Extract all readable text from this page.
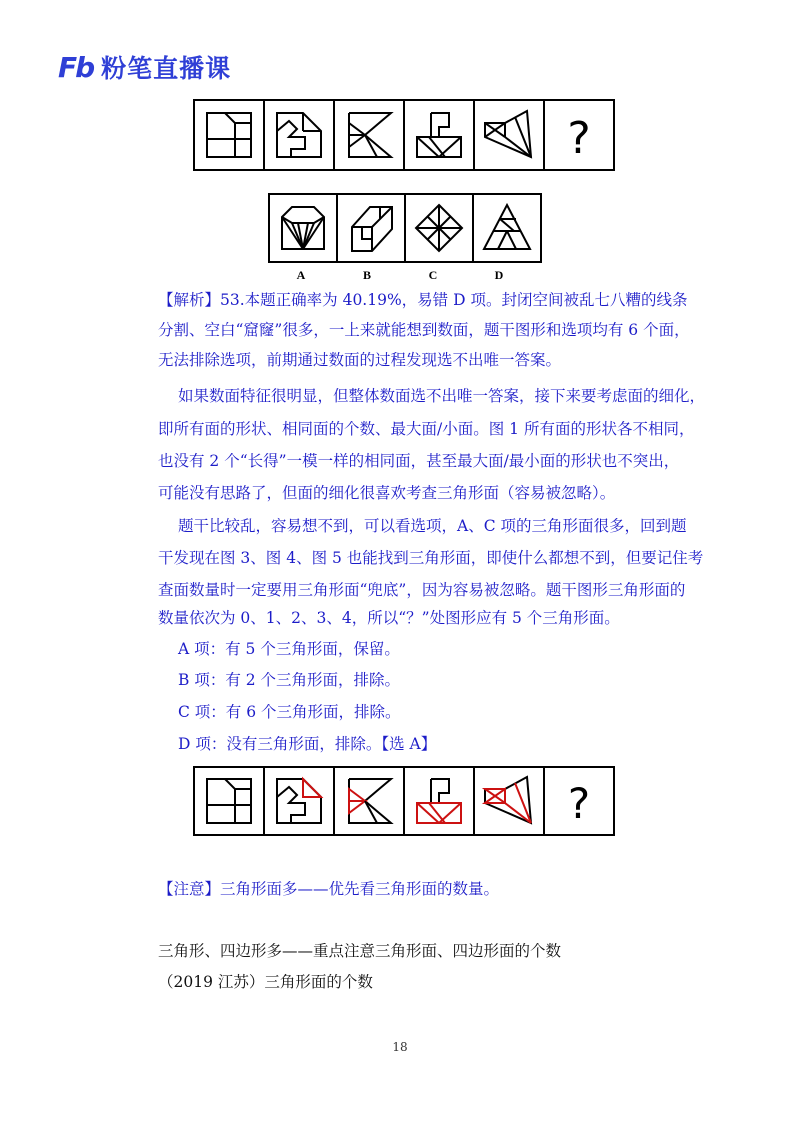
Fb 粉笔直播课
?
A	B	C	D

【解析】53.本题正确率为 40.19%，易错 D 项。封闭空间被乱七八糟的线条

分割、空白“窟窿”很多，一上来就能想到数面，题干图形和选项均有 6 个面，

无法排除选项，前期通过数面的过程发现选不出唯一答案。

如果数面特征很明显，但整体数面选不出唯一答案，接下来要考虑面的细化，

即所有面的形状、相同面的个数、最大面/小面。图 1 所有面的形状各不相同，

也没有 2 个“长得”一模一样的相同面，甚至最大面/最小面的形状也不突出，

可能没有思路了，但面的细化很喜欢考查三角形面（容易被忽略）。

题干比较乱，容易想不到，可以看选项，A、C 项的三角形面很多，回到题

干发现在图 3、图 4、图 5 也能找到三角形面，即使什么都想不到，但要记住考

查面数量时一定要用三角形面“兜底”，因为容易被忽略。题干图形三角形面的

数量依次为 0、1、2、3、4，所以“？”处图形应有 5 个三角形面。

A 项：有 5 个三角形面，保留。

B 项：有 2 个三角形面，排除。

C 项：有 6 个三角形面，排除。

D 项：没有三角形面，排除。【选 A】

?

【注意】三角形面多——优先看三角形面的数量。

三角形、四边形多——重点注意三角形面、四边形面的个数

（2019 江苏）三角形面的个数

18
